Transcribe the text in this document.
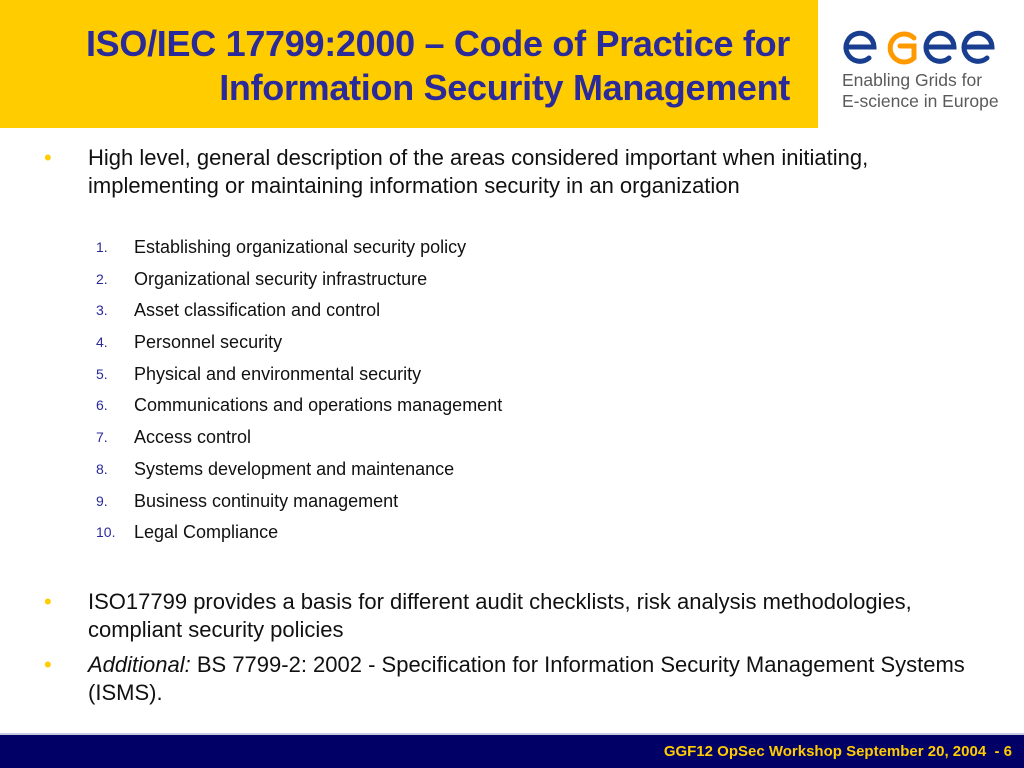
ISO/IEC 17799:2000 – Code of Practice for
Information Security Management	Enabling Grids for
E-science in Europe
• High level, general description of the areas considered important when initiating, implementing or maintaining information security in an organization
1.	Establishing organizational security policy
2.	Organizational security infrastructure
3.	Asset classification and control
4.	Personnel security
5.	Physical and environmental security
6.	Communications and operations management
7.	Access control
8.	Systems development and maintenance
9.	Business continuity management
10.	Legal Compliance
• ISO17799 provides a basis for different audit checklists, risk analysis methodologies, compliant security policies
• Additional: BS 7799-2: 2002 - Specification for Information Security Management Systems (ISMS).
GGF12 OpSec Workshop September 20, 2004  - 6
